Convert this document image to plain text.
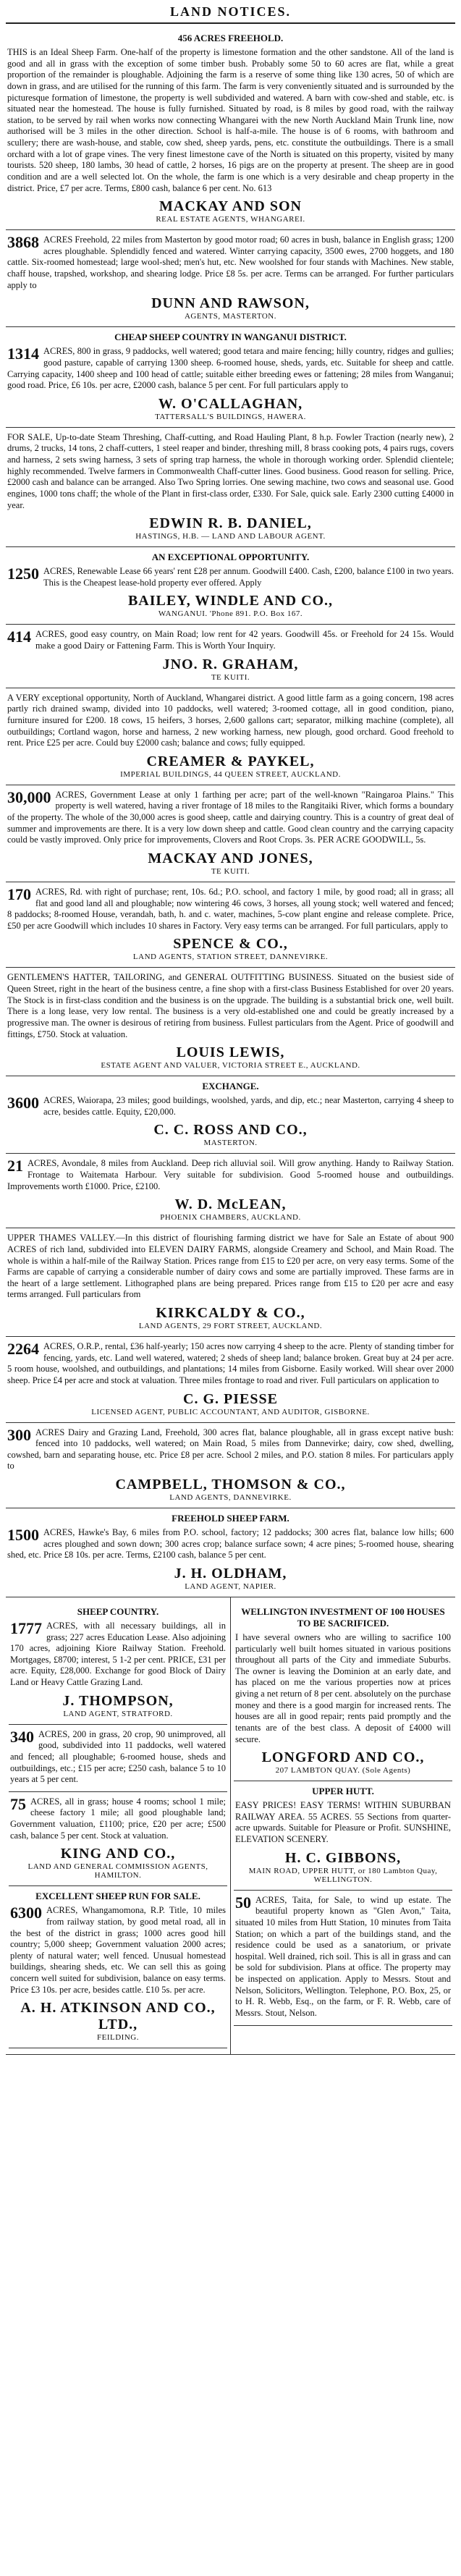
LAND NOTICES.
456 ACRES FREEHOLD.
THIS is an Ideal Sheep Farm. One-half of the property is limestone formation and the other sandstone. All of the land is good and all in grass with the exception of some timber bush. Probably some 50 to 60 acres are flat, while a great proportion of the remainder is ploughable. Adjoining the farm is a reserve of some thing like 130 acres, 50 of which are down in grass, and are utilised for the running of this farm. The farm is very conveniently situated and is surrounded by the picturesque formation of limestone, the property is well subdivided and watered. A barn with cow-shed and stable, etc. is situated near the homestead. The house is fully furnished. Situated by road, is 8 miles by good road, with the railway station, to be served by rail when works now connecting Whangarei with the new North Auckland Main Trunk line, now authorised will be 3 miles in the other direction. School is half-a-mile. The house is of 6 rooms, with bathroom and scullery; there are wash-house, and stable, cow shed, sheep yards, pens, etc. constitute the outbuildings. There is a small orchard with a lot of grape vines. The very finest limestone cave of the North is situated on this property, visited by many tourists. 520 sheep, 180 lambs, 30 head of cattle, 2 horses, 16 pigs are on the property at present. The sheep are in good condition and are a well selected lot. On the whole, the farm is one which is a very desirable and cheap property in the district. Price, £7 per acre. Terms, £800 cash, balance 6 per cent. No. 613
MACKAY AND SON
REAL ESTATE AGENTS, WHANGAREI.
3868 ACRES Freehold, 22 miles from Masterton by good motor road; 60 acres in bush, balance in English grass; 1200 acres ploughable. Splendidly fenced and watered. Winter carrying capacity, 3500 ewes, 2700 hoggets, and 180 cattle. Six-roomed homestead; large wool-shed; men's hut, etc. New woolshed for four stands with Machines. New stable, chaff house, trapshed, workshop, and shearing lodge. Price £8 5s. per acre. Terms can be arranged. For further particulars apply to
DUNN AND RAWSON,
AGENTS, MASTERTON.
CHEAP SHEEP COUNTRY IN WANGANUI DISTRICT.
1314 ACRES, 800 in grass, 9 paddocks, well watered; good tetara and maire fencing; hilly country, ridges and gullies; good pasture, capable of carrying 1300 sheep. 6-roomed house, sheds, yards, etc. Suitable for sheep and cattle. Carrying capacity, 1400 sheep and 100 head of cattle; suitable either breeding ewes or fattening; 28 miles from Wanganui; good road. Price, £6 10s. per acre, £2000 cash, balance 5 per cent. For full particulars apply to
W. O'CALLAGHAN,
TATTERSALL'S BUILDINGS, HAWERA.
FOR SALE, Up-to-date Steam Threshing, Chaff-cutting, and Road Hauling Plant, 8 h.p. Fowler Traction (nearly new), 2 drums, 2 trucks, 14 tons, 2 chaff-cutters, 1 steel reaper and binder, threshing mill, 8 brass cooking pots, 4 pairs rugs, covers and harness, 2 sets swing harness, 3 sets of spring trap harness, the whole in thorough working order. Splendid clientele; highly recommended. Twelve farmers in Commonwealth Chaff-cutter lines. Good business. Good reason for selling. Price, £2000 cash and balance can be arranged. Also Two Spring lorries. One sewing machine, two cows and seasonal use. Good engines, 1000 tons chaff; the whole of the Plant in first-class order, £330. For Sale, quick sale. Early 2300 cutting £4000 in year.
EDWIN R. B. DANIEL,
HASTINGS, H.B. — LAND AND LABOUR AGENT.
AN EXCEPTIONAL OPPORTUNITY.
1250 ACRES, Renewable Lease 66 years' rent £28 per annum. Goodwill £400. Cash, £200, balance £100 in two years. This is the Cheapest lease-hold property ever offered. Apply
BAILEY, WINDLE AND CO.,
WANGANUI. 'Phone 891. P.O. Box 167.
414 ACRES, good easy country, on Main Road; low rent for 42 years. Goodwill 45s. or Freehold for 24 15s. Would make a good Dairy or Fattening Farm. This is Worth Your Inquiry.
JNO. R. GRAHAM,
TE KUITI.
A VERY exceptional opportunity, North of Auckland, Whangarei district. A good little farm as a going concern, 198 acres partly rich drained swamp, divided into 10 paddocks, well watered; 3-roomed cottage, all in good condition, piano, furniture insured for £200. 18 cows, 15 heifers, 3 horses, 2,600 gallons cart; separator, milking machine (complete), all outbuildings; Cortland wagon, horse and harness, 2 new working harness, new plough, good orchard. Good freehold to rent. Price £25 per acre. Could buy £2000 cash; balance and cows; fully equipped.
CREAMER & PAYKEL,
IMPERIAL BUILDINGS, 44 QUEEN STREET, AUCKLAND.
30,000 ACRES, Government Lease at only 1 farthing per acre; part of the well-known "Raingaroa Plains." This property is well watered, having a river frontage of 18 miles to the Rangitaiki River, which forms a boundary of the property. The whole of the 30,000 acres is good sheep, cattle and dairying country. This is a country of great deal of summer and improvements are there. It is a very low down sheep and cattle. Good clean country and the carrying capacity could be vastly improved. Only price for improvements, Clovers and Root Crops. 3s. PER ACRE GOODWILL, 5s.
MACKAY AND JONES,
TE KUITI.
170 ACRES, Rd. with right of purchase; rent, 10s. 6d.; P.O. school, and factory 1 mile, by good road; all in grass; all flat and good land all and ploughable; now wintering 46 cows, 3 horses, all young stock; well watered and fenced; 8 paddocks; 8-roomed House, verandah, bath, h. and c. water, machines, 5-cow plant engine and release complete. Price, £50 per acre Goodwill which includes 10 shares in Factory. Very easy terms can be arranged. For full particulars, apply to
SPENCE & CO.,
LAND AGENTS, STATION STREET, DANNEVIRKE.
GENTLEMEN'S HATTER, TAILORING, and GENERAL OUTFITTING BUSINESS. Situated on the busiest side of Queen Street, right in the heart of the business centre, a fine shop with a first-class Business Established for over 20 years. The Stock is in first-class condition and the business is on the upgrade. The building is a substantial brick one, well built. There is a long lease, very low rental. The business is a very old-established one and could be greatly increased by a progressive man. The owner is desirous of retiring from business. Fullest particulars from the Agent. Price of goodwill and fittings, £750. Stock at valuation.
LOUIS LEWIS,
ESTATE AGENT AND VALUER, VICTORIA STREET E., AUCKLAND.
EXCHANGE.
3600 ACRES, Waiorapa, 23 miles; good buildings, woolshed, yards, and dip, etc.; near Masterton, carrying 4 sheep to acre, besides cattle. Equity, £20,000.
C. C. ROSS AND CO.,
MASTERTON.
21 ACRES, Avondale, 8 miles from Auckland. Deep rich alluvial soil. Will grow anything. Handy to Railway Station. Frontage to Waitemata Harbour. Very suitable for subdivision. Good 5-roomed house and outbuildings. Improvements worth £1000. Price, £2100.
W. D. McLEAN,
PHOENIX CHAMBERS, AUCKLAND.
UPPER THAMES VALLEY.—In this district of flourishing farming district we have for Sale an Estate of about 900 ACRES of rich land, subdivided into ELEVEN DAIRY FARMS, alongside Creamery and School, and Main Road. The whole is within a half-mile of the Railway Station. Prices range from £15 to £20 per acre, on very easy terms. Some of the Farms are capable of carrying a considerable number of dairy cows and some are partially improved. These farms are in the heart of a large settlement. Lithographed plans are being prepared. Prices range from £15 to £20 per acre and easy terms arranged. Full particulars from
KIRKCALDY & CO.,
LAND AGENTS, 29 FORT STREET, AUCKLAND.
2264 ACRES, O.R.P., rental, £36 half-yearly; 150 acres now carrying 4 sheep to the acre. Plenty of standing timber for fencing, yards, etc. Land well watered, watered; 2 sheds of sheep land; balance broken. Great buy at 24 per acre. 5 room house, woolshed, and outbuildings, and plantations; 14 miles from Gisborne. Easily worked. Will shear over 2000 sheep. Price £4 per acre and stock at valuation. Three miles frontage to road and river. Full particulars on application to
C. G. PIESSE
LICENSED AGENT, PUBLIC ACCOUNTANT, AND AUDITOR, GISBORNE.
300 ACRES Dairy and Grazing Land, Freehold, 300 acres flat, balance ploughable, all in grass except native bush: fenced into 10 paddocks, well watered; on Main Road, 5 miles from Dannevirke; dairy, cow shed, dwelling, cowshed, barn and separating house, etc. Price £8 per acre. School 2 miles, and P.O. station 8 miles. For particulars apply to
CAMPBELL, THOMSON & CO.,
LAND AGENTS, DANNEVIRKE.
FREEHOLD SHEEP FARM.
1500 ACRES, Hawke's Bay, 6 miles from P.O. school, factory; 12 paddocks; 300 acres flat, balance low hills; 600 acres ploughed and sown down; 300 acres crop; balance surface sown; 4 acre pines; 5-roomed house, shearing shed, etc. Price £8 10s. per acre. Terms, £2100 cash, balance 5 per cent.
J. H. OLDHAM,
LAND AGENT, NAPIER.
SHEEP COUNTRY.
1777 ACRES, with all necessary buildings, all in grass; 227 acres Education Lease. Also adjoining 170 acres, adjoining Kiore Railway Station. Freehold. Mortgages, £8700; interest, 5 1-2 per cent. PRICE, £31 per acre. Equity, £28,000. Exchange for good Block of Dairy Land or Heavy Cattle Grazing Land.
J. THOMPSON,
LAND AGENT, STRATFORD.
340 ACRES, 200 in grass, 20 crop, 90 unimproved, all good, subdivided into 11 paddocks, well watered and fenced; all ploughable; 6-roomed house, sheds and outbuildings, etc.; £15 per acre; £250 cash, balance 5 to 10 years at 5 per cent.
75 ACRES, all in grass; house 4 rooms; school 1 mile; cheese factory 1 mile; all good ploughable land; Government valuation, £1100; price, £20 per acre; £500 cash, balance 5 per cent. Stock at valuation.
KING AND CO.,
LAND AND GENERAL COMMISSION AGENTS, HAMILTON.
EXCELLENT SHEEP RUN FOR SALE.
6300 ACRES, Whangamomona, R.P. Title, 10 miles from railway station, by good metal road, all in the best of the district in grass; 1000 acres good hill country; 5,000 sheep; Government valuation 2000 acres; plenty of natural water; well fenced. Unusual homestead buildings, shearing sheds, etc. We can sell this as going concern well suited for subdivision, balance on easy terms. Price £3 10s. per acre, besides cattle. £10 5s. per acre.
A. H. ATKINSON AND CO., LTD.,
FEILDING.
WELLINGTON INVESTMENT OF 100 HOUSES TO BE SACRIFICED.
I have several owners who are willing to sacrifice 100 particularly well built homes situated in various positions throughout all parts of the City and immediate Suburbs. The owner is leaving the Dominion at an early date, and has placed on me the various properties now at prices giving a net return of 8 per cent. absolutely on the purchase money and there is a good margin for increased rents. The houses are all in good repair; rents paid promptly and the tenants are of the best class. A deposit of £4000 will secure.
LONGFORD AND CO.,
207 LAMBTON QUAY. (Sole Agents)
UPPER HUTT.
EASY PRICES! EASY TERMS! WITHIN SUBURBAN RAILWAY AREA. 55 ACRES. 55 Sections from quarter-acre upwards. Suitable for Pleasure or Profit. SUNSHINE, ELEVATION SCENERY.
H. C. GIBBONS,
MAIN ROAD, UPPER HUTT, or 180 Lambton Quay, WELLINGTON.
50 ACRES, Taita, for Sale, to wind up estate. The beautiful property known as "Glen Avon," Taita, situated 10 miles from Hutt Station, 10 minutes from Taita Station; on which a part of the buildings stand, and the residence could be used as a sanatorium, or private hospital. Well drained, rich soil. This is all in grass and can be sold for subdivision. Plans at office. The property may be inspected on application. Apply to Messrs. Stout and Nelson, Solicitors, Wellington. Telephone, P.O. Box, 25, or to H. R. Webb, Esq., on the farm, or F. R. Webb, care of Messrs. Stout, Nelson.
